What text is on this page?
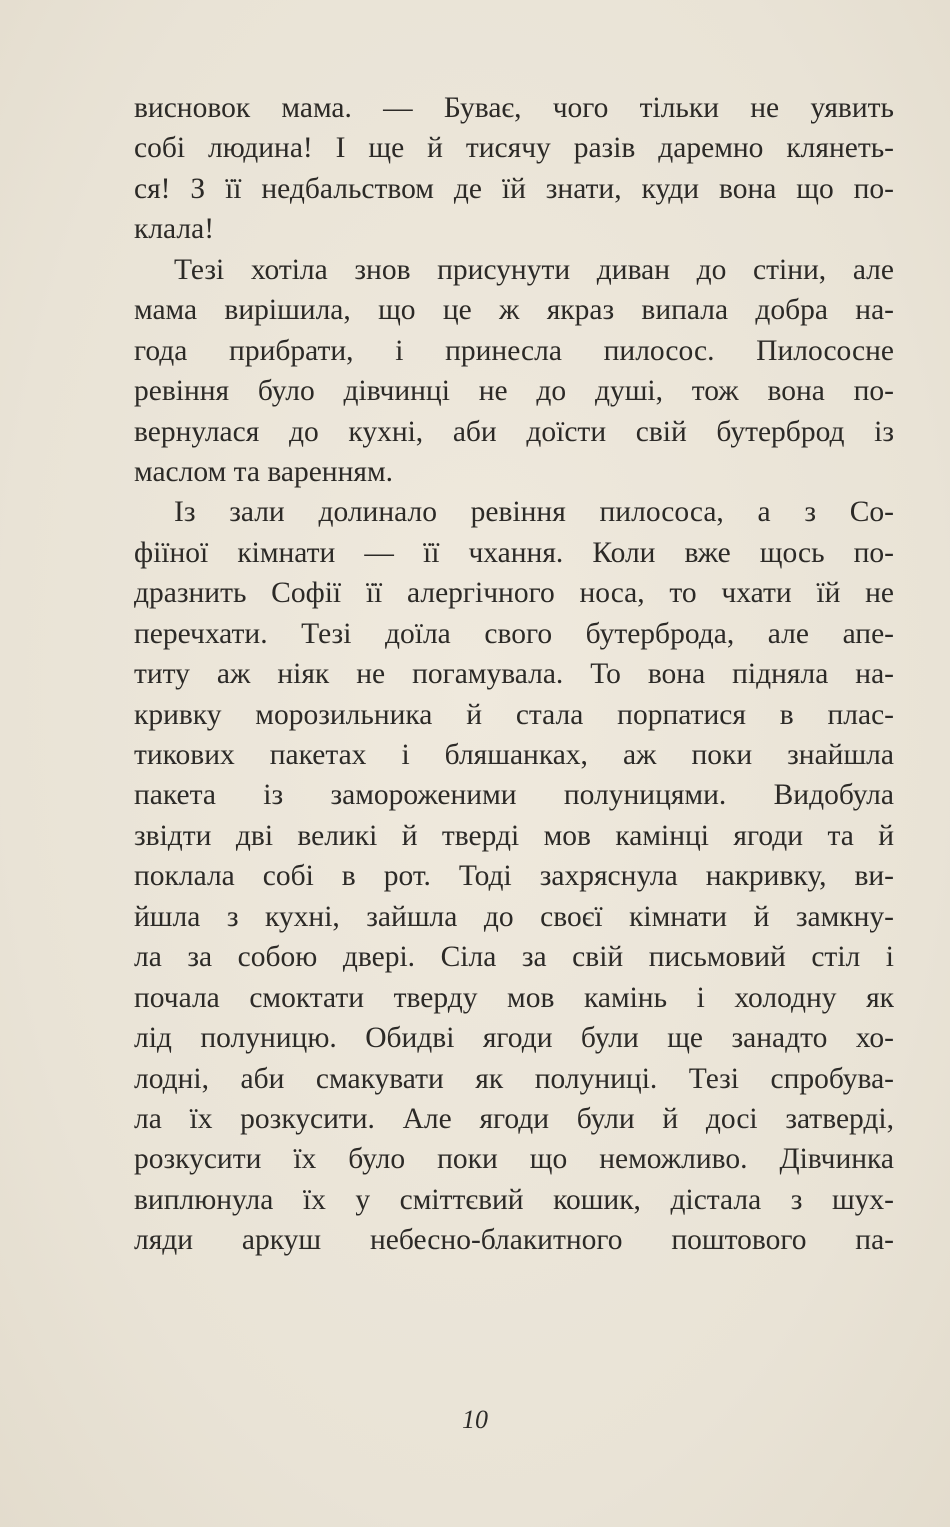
висновок мама. — Буває, чого тільки не уявить
собі людина! І ще й тисячу разів даремно клянеть-
ся! З її недбальством де їй знати, куди вона що по-
клала!
Тезі хотіла знов присунути диван до стіни, але
мама вирішила, що це ж якраз випала добра на-
года прибрати, і принесла пилосос. Пилососне
ревіння було дівчинці не до душі, тож вона по-
вернулася до кухні, аби доїсти свій бутерброд із
маслом та варенням.
Із зали долинало ревіння пилососа, а з Со-
фіїної кімнати — її чхання. Коли вже щось по-
дразнить Софії її алергічного носа, то чхати їй не
перечхати. Тезі доїла свого бутерброда, але апе-
титу аж ніяк не погамувала. То вона підняла на-
кривку морозильника й стала порпатися в плас-
тикових пакетах і бляшанках, аж поки знайшла
пакета із замороженими полуницями. Видобула
звідти дві великі й тверді мов камінці ягоди та й
поклала собі в рот. Тоді захряснула накривку, ви-
йшла з кухні, зайшла до своєї кімнати й замкну-
ла за собою двері. Сіла за свій письмовий стіл і
почала смоктати тверду мов камінь і холодну як
лід полуницю. Обидві ягоди були ще занадто хо-
лодні, аби смакувати як полуниці. Тезі спробува-
ла їх розкусити. Але ягоди були й досі затверді,
розкусити їх було поки що неможливо. Дівчинка
виплюнула їх у сміттєвий кошик, дістала з шух-
ляди аркуш небесно-блакитного поштового па-
10
